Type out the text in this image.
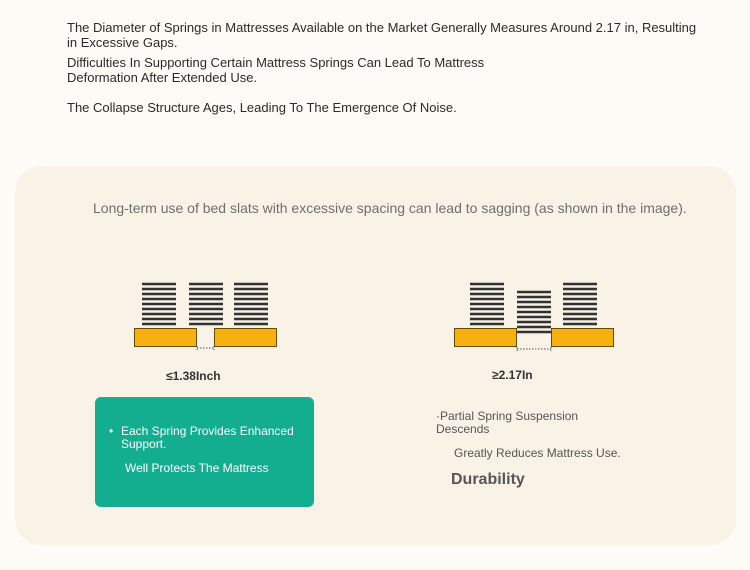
The Diameter of Springs in Mattresses Available on the Market Generally Measures Around 2.17 in, Resulting in Excessive Gaps.

Difficulties In Supporting Certain Mattress Springs Can Lead To Mattress Deformation After Extended Use.

The Collapse Structure Ages, Leading To The Emergence Of Noise.

Long-term use of bed slats with excessive spacing can lead to sagging (as shown in the image).
≤1.38Inch	≥2.17In
• Each Spring Provides Enhanced Support.
Well Protects The Mattress
·Partial Spring Suspension Descends
Greatly Reduces Mattress Use.
Durability
